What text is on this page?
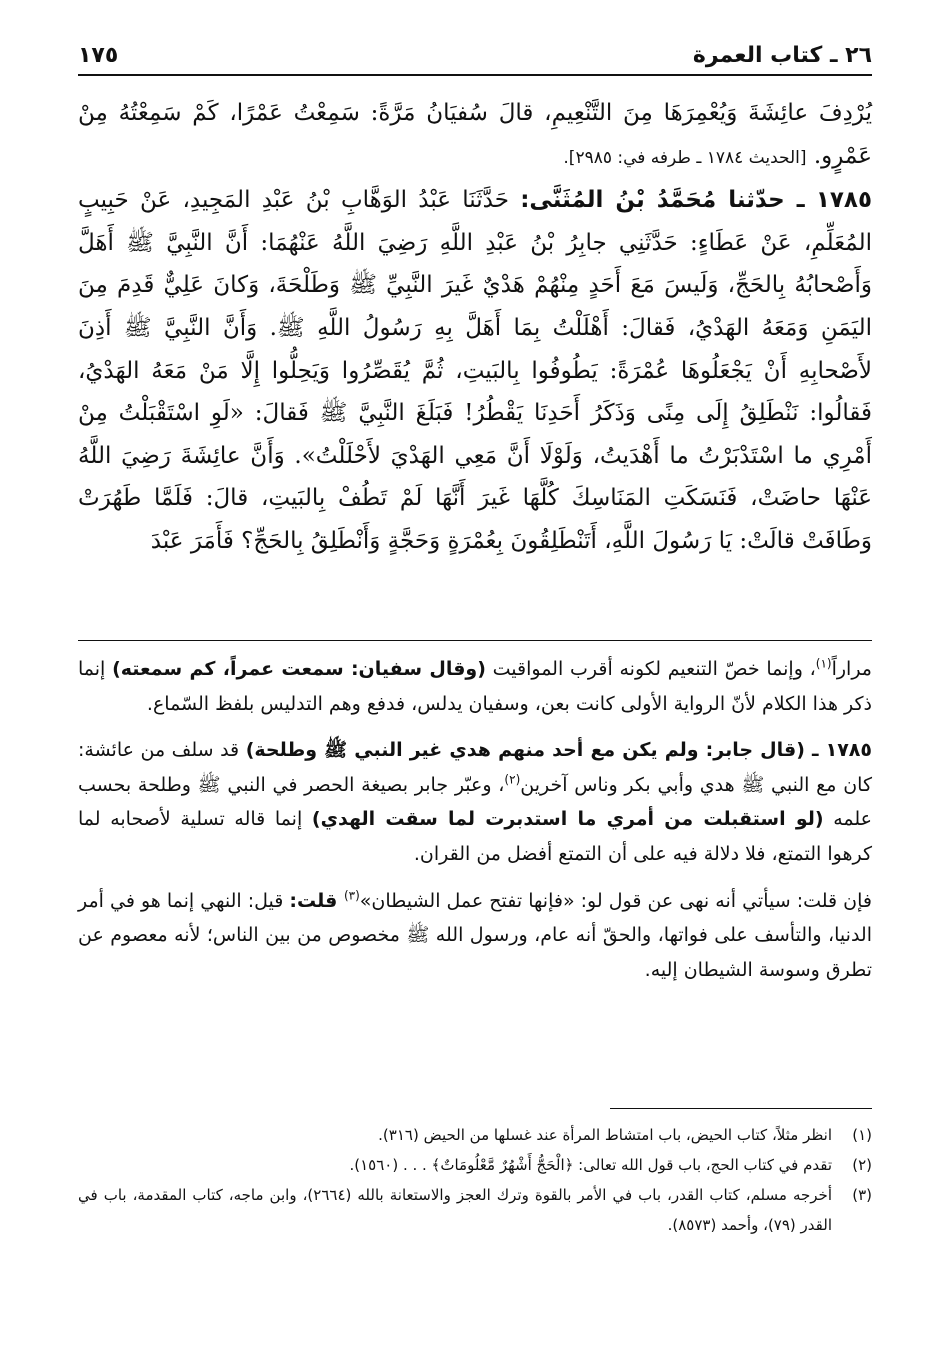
٢٦ ـ كتاب العمرة
١٧٥

يُرْدِفَ عائِشَةَ وَيُعْمِرَهَا مِنَ التَّنْعِيمِ، قالَ سُفيَانُ مَرَّةً: سَمِعْتُ عَمْرًا، كَمْ سَمِعْتُهُ مِنْ عَمْرٍو. [الحديث ١٧٨٤ ـ طرفه في: ٢٩٨٥].

١٧٨٥ ـ حدّثنا مُحَمَّدُ بْنُ المُثَنَّى: حَدَّثَنَا عَبْدُ الوَهَّابِ بْنُ عَبْدِ المَجِيدِ، عَنْ حَبِيبٍ المُعَلِّمِ، عَنْ عَطَاءٍ: حَدَّثَنِي جابِرُ بْنُ عَبْدِ اللَّهِ رَضِيَ اللَّهُ عَنْهُمَا: أَنَّ النَّبِيَّ ﷺ أَهَلَّ وَأَصْحابُهُ بِالحَجِّ، وَلَيسَ مَعَ أَحَدٍ مِنْهُمْ هَدْيٌ غَيرَ النَّبِيِّ ﷺ وَطَلْحَةَ، وَكانَ عَلِيٌّ قَدِمَ مِنَ اليَمَنِ وَمَعَهُ الهَدْيُ، فَقالَ: أَهْلَلْتُ بِمَا أَهَلَّ بِهِ رَسُولُ اللَّهِ ﷺ. وَأَنَّ النَّبِيَّ ﷺ أَذِنَ لأَصْحابِهِ أَنْ يَجْعَلُوهَا عُمْرَةً: يَطُوفُوا بِالبَيتِ، ثُمَّ يُقَصِّرُوا وَيَحِلُّوا إِلَّا مَنْ مَعَهُ الهَدْيُ، فَقالُوا: نَنْطَلِقُ إِلَى مِنًى وَذَكَرُ أَحَدِنَا يَقْطُرُ! فَبَلَغَ النَّبِيَّ ﷺ فَقالَ: «لَوِ اسْتَقْبَلْتُ مِنْ أَمْرِي ما اسْتَدْبَرْتُ ما أَهْدَيتُ، وَلَوْلَا أَنَّ مَعِي الهَدْيَ لأَحْلَلْتُ». وَأَنَّ عائِشَةَ رَضِيَ اللَّهُ عَنْهَا حاضَتْ، فَنَسَكَتِ المَنَاسِكَ كُلَّهَا غَيرَ أَنَّهَا لَمْ تَطُفْ بِالبَيتِ، قالَ: فَلَمَّا طَهُرَتْ وَطَافَتْ قالَتْ: يَا رَسُولَ اللَّهِ، أَتَنْطَلِقُونَ بِعُمْرَةٍ وَحَجَّةٍ وَأَنْطَلِقُ بِالحَجِّ؟ فَأَمَرَ عَبْدَ

مراراً$^{(١)}$، وإنما خصّ التنعيم لكونه أقرب المواقيت (وقال سفيان: سمعت عمراً، كم سمعته) إنما ذكر هذا الكلام لأنّ الرواية الأولى كانت بعن، وسفيان يدلس، فدفع وهم التدليس بلفظ السّماع.

١٧٨٥ ـ (قال جابر: ولم يكن مع أحد منهم هدي غير النبي ﷺ وطلحة) قد سلف من عائشة: كان مع النبي ﷺ هدي وأبي بكر وناس آخرين$^{(٢)}$، وعبّر جابر بصيغة الحصر في النبي ﷺ وطلحة بحسب علمه (لو استقبلت من أمري ما استدبرت لما سقت الهدي) إنما قاله تسلية لأصحابه لما كرهوا التمتع، فلا دلالة فيه على أن التمتع أفضل من القران.

فإن قلت: سيأتي أنه نهى عن قول لو: «فإنها تفتح عمل الشيطان»$^{(٣)}$ قلت: قيل: النهي إنما هو في أمر الدنيا، والتأسف على فواتها، والحقّ أنه عام، ورسول الله ﷺ مخصوص من بين الناس؛ لأنه معصوم عن تطرق وسوسة الشيطان إليه.

(١)
انظر مثلاً، كتاب الحيض، باب امتشاط المرأة عند غسلها من الحيض (٣١٦).
(٢)
تقدم في كتاب الحج، باب قول الله تعالى: ﴿الْحَجُّ أَشْهُرٌ مَّعْلُومَاتٌ﴾ . . . (١٥٦٠).
(٣)
أخرجه مسلم، كتاب القدر، باب في الأمر بالقوة وترك العجز والاستعانة بالله (٢٦٦٤)، وابن ماجه، كتاب المقدمة، باب في القدر (٧٩)، وأحمد (٨٥٧٣).
